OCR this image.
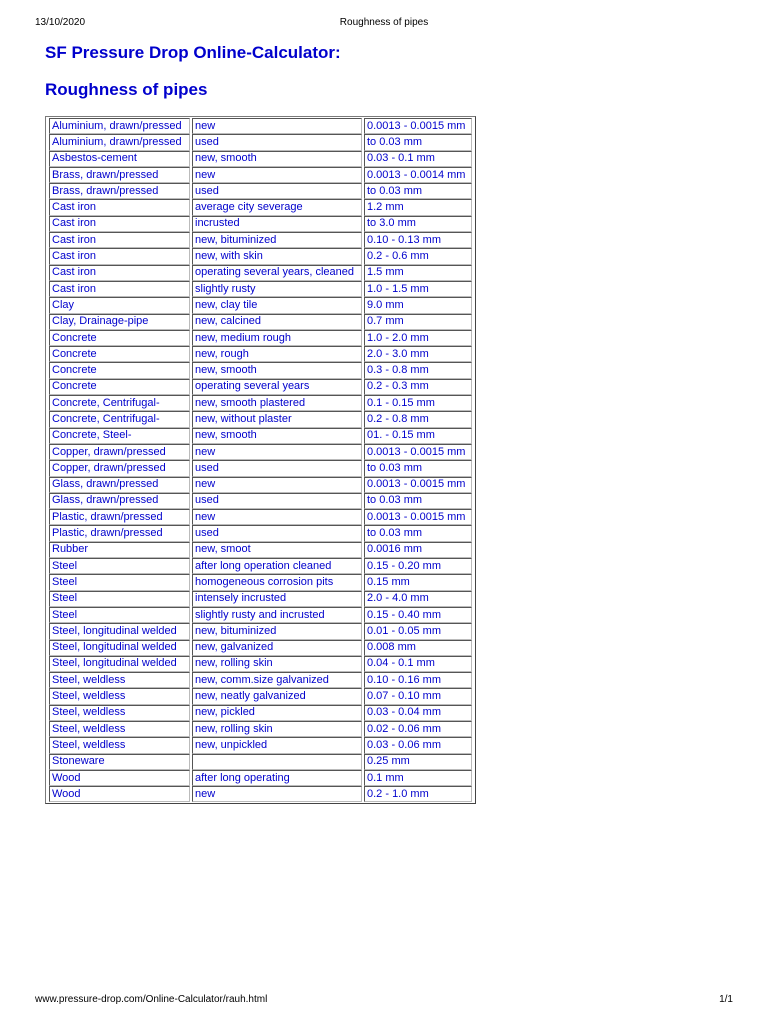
13/10/2020	Roughness of pipes
SF Pressure Drop Online-Calculator:
Roughness of pipes
Aluminium, drawn/pressed	new	0.0013 - 0.0015 mm
Aluminium, drawn/pressed	used	to 0.03 mm
Asbestos-cement	new, smooth	0.03 - 0.1 mm
Brass, drawn/pressed	new	0.0013 - 0.0014 mm
Brass, drawn/pressed	used	to 0.03 mm
Cast iron	average city severage	1.2 mm
Cast iron	incrusted	to 3.0 mm
Cast iron	new, bituminized	0.10 - 0.13 mm
Cast iron	new, with skin	0.2 - 0.6 mm
Cast iron	operating several years, cleaned	1.5 mm
Cast iron	slightly rusty	1.0 - 1.5 mm
Clay	new, clay tile	9.0 mm
Clay, Drainage-pipe	new, calcined	0.7 mm
Concrete	new, medium rough	1.0 - 2.0 mm
Concrete	new, rough	2.0 - 3.0 mm
Concrete	new, smooth	0.3 - 0.8 mm
Concrete	operating several years	0.2 - 0.3 mm
Concrete, Centrifugal-	new, smooth plastered	0.1 - 0.15 mm
Concrete, Centrifugal-	new, without plaster	0.2 - 0.8 mm
Concrete, Steel-	new, smooth	01. - 0.15 mm
Copper, drawn/pressed	new	0.0013 - 0.0015 mm
Copper, drawn/pressed	used	to 0.03 mm
Glass, drawn/pressed	new	0.0013 - 0.0015 mm
Glass, drawn/pressed	used	to 0.03 mm
Plastic, drawn/pressed	new	0.0013 - 0.0015 mm
Plastic, drawn/pressed	used	to 0.03 mm
Rubber	new, smoot	0.0016 mm
Steel	after long operation cleaned	0.15 - 0.20 mm
Steel	homogeneous corrosion pits	0.15 mm
Steel	intensely incrusted	2.0 - 4.0 mm
Steel	slightly rusty and incrusted	0.15 - 0.40 mm
Steel, longitudinal welded	new, bituminized	0.01 - 0.05 mm
Steel, longitudinal welded	new, galvanized	0.008 mm
Steel, longitudinal welded	new, rolling skin	0.04 - 0.1 mm
Steel, weldless	new, comm.size galvanized	0.10 - 0.16 mm
Steel, weldless	new, neatly galvanized	0.07 - 0.10 mm
Steel, weldless	new, pickled	0.03 - 0.04 mm
Steel, weldless	new, rolling skin	0.02 - 0.06 mm
Steel, weldless	new, unpickled	0.03 - 0.06 mm
Stoneware		0.25 mm
Wood	after long operating	0.1 mm
Wood	new	0.2 - 1.0 mm
www.pressure-drop.com/Online-Calculator/rauh.html	1/1
